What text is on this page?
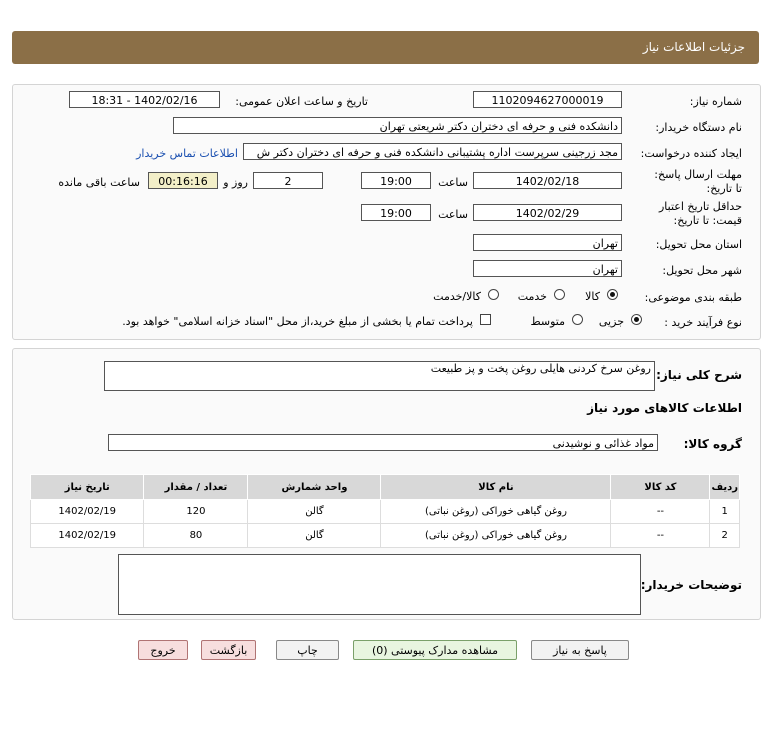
جزئیات اطلاعات نیاز
شماره نیاز:
1102094627000019
تاریخ و ساعت اعلان عمومی:
1402/02/16 - 18:31
نام دستگاه خریدار:
دانشکده فنی و حرفه ای دختران دکتر شریعتی تهران
ایجاد کننده درخواست:
مجد زرجینی سرپرست اداره پشتیبانی دانشکده فنی و حرفه ای دختران دکتر ش
اطلاعات تماس خریدار
مهلت ارسال پاسخ: تا تاریخ:
1402/02/18
ساعت
19:00
2
روز و
00:16:16
ساعت باقی مانده
حداقل تاریخ اعتبار قیمت: تا تاریخ:
1402/02/29
ساعت
19:00
استان محل تحویل:
تهران
شهر محل تحویل:
تهران
طبقه بندی موضوعی:
کالا
خدمت
کالا/خدمت
نوع فرآیند خرید :
جزیی
متوسط
پرداخت تمام یا بخشی از مبلغ خرید،از محل "اسناد خزانه اسلامی" خواهد بود.
شرح کلی نیاز:
روغن سرخ کردنی هایلی روغن پخت و پز طبیعت
اطلاعات کالاهای مورد نیاز
گروه کالا:
مواد غذائی و نوشیدنی
ردیف	کد کالا	نام کالا	واحد شمارش	تعداد / مقدار	تاریخ نیاز
1	--	روغن گیاهی خوراکی (روغن نباتی)	گالن	120	1402/02/19
2	--	روغن گیاهی خوراکی (روغن نباتی)	گالن	80	1402/02/19
توضیحات خریدار:
پاسخ به نیاز
مشاهده مدارک پیوستی (0)
چاپ
بازگشت
خروج
